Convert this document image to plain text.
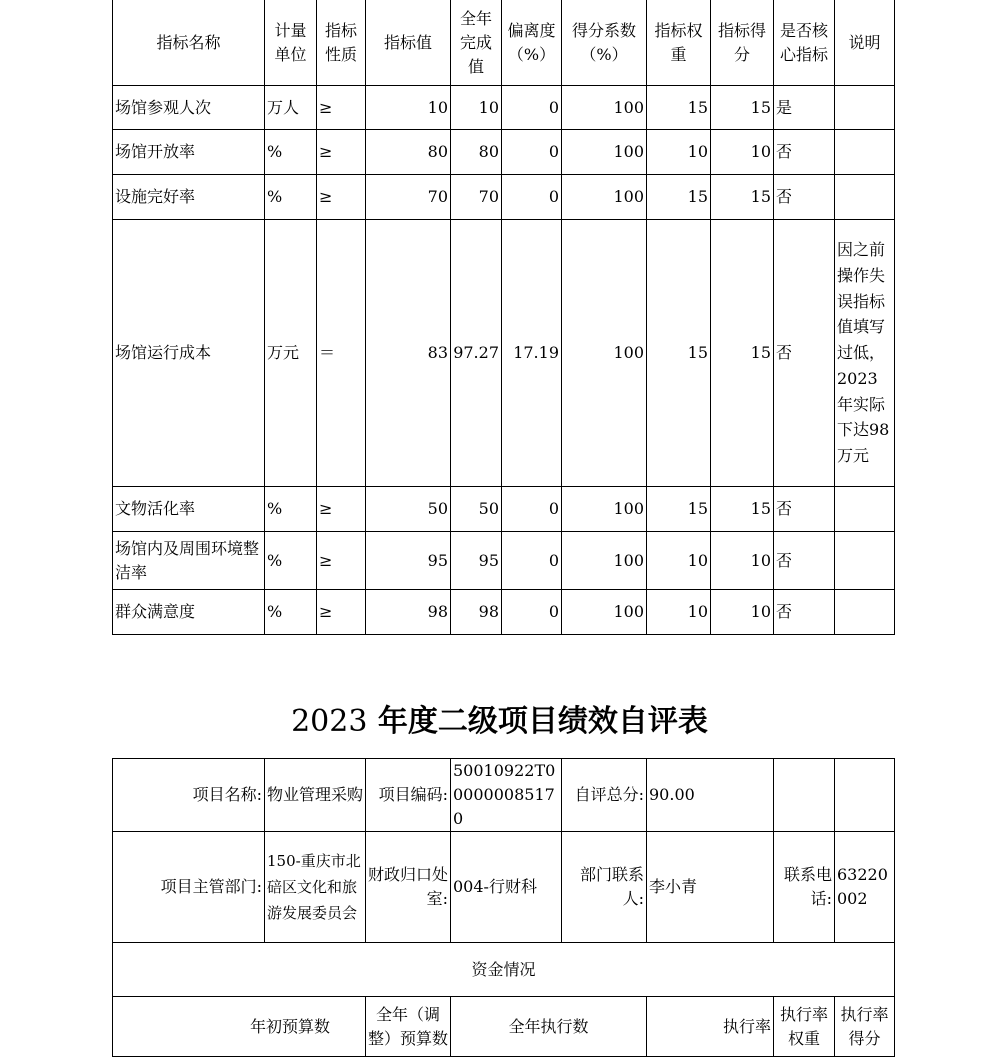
指标名称	计量单位	指标性质	指标值	全年完成值	偏离度（%）	得分系数（%）	指标权重	指标得分	是否核心指标	说明
场馆参观人次	万人	≥	10	10	0	100	15	15	是	
场馆开放率	%	≥	80	80	0	100	10	10	否	
设施完好率	%	≥	70	70	0	100	15	15	否	
场馆运行成本	万元	＝	83	97.27	17.19	100	15	15	否	因之前操作失误指标值填写过低，2023年实际下达98万元
文物活化率	%	≥	50	50	0	100	15	15	否	
场馆内及周围环境整洁率	%	≥	95	95	0	100	10	10	否	
群众满意度	%	≥	98	98	0	100	10	10	否	
2023 年度二级项目绩效自评表
项目名称:	物业管理采购	项目编码:	50010922T000000085170	自评总分:	90.00		
项目主管部门:	150-重庆市北碚区文化和旅游发展委员会	财政归口处室:	004-行财科	部门联系人:	李小青	联系电话:	63220002
资金情况							
年初预算数		全年（调整）预算数	全年执行数		执行率	执行率权重	执行率得分
